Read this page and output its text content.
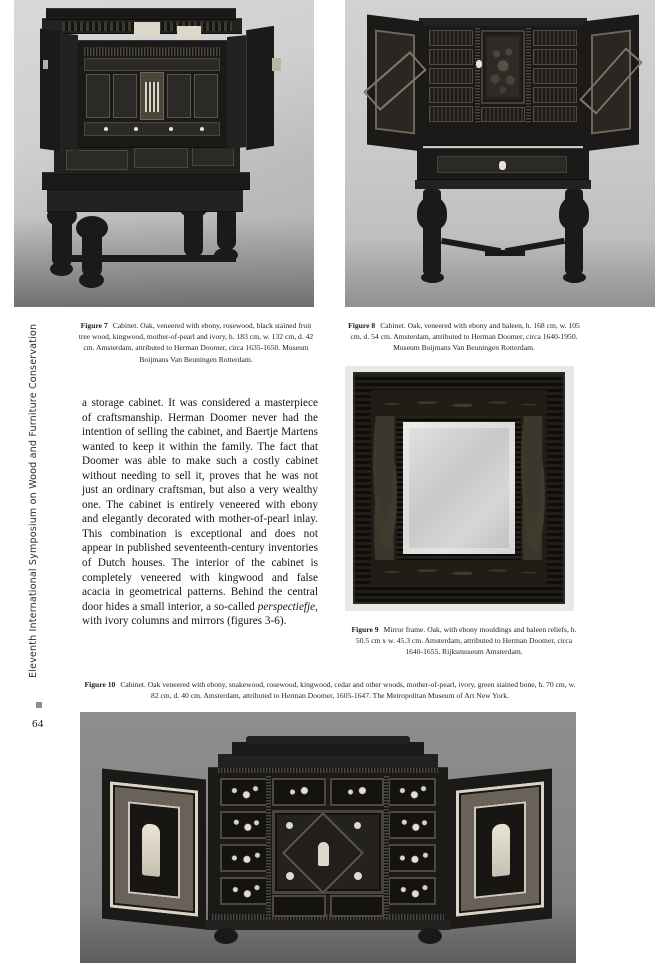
Eleventh International Symposium on Wood and Furniture Conservation
64
Figure 7 Cabinet. Oak, veneered with ebony, rosewood, black stained fruit tree wood, kingwood, mother-of-pearl and ivory, h. 183 cm, w. 132 cm, d. 42 cm. Amsterdam, attributed to Herman Doomer, circa 1635-1650. Museum Boijmans Van Beuningen Rotterdam.
Figure 8 Cabinet. Oak, veneered with ebony and baleen, h. 168 cm, w. 105 cm, d. 54 cm. Amsterdam, attributed to Herman Doomer, circa 1640-1950. Museum Boijmans Van Beuningen Rotterdam.
a storage cabinet. It was considered a masterpiece of craftsmanship. Herman Doomer never had the intention of selling the cabinet, and Baertje Martens wanted to keep it within the family. The fact that Doomer was able to make such a costly cabinet without needing to sell it, proves that he was not just an ordinary craftsman, but also a very wealthy one. The cabinet is entirely veneered with ebony and elegantly decorated with mother-of-pearl inlay. This combination is exceptional and does not appear in published seventeenth-century inventories of Dutch houses. The interior of the cabinet is completely veneered with kingwood and false acacia in geometrical patterns. Behind the central door hides a small interior, a so-called perspectiefje, with ivory columns and mirrors (figures 3-6).
Figure 9 Mirror frame. Oak, with ebony mouldings and baleen reliefs, h. 50.5 cm x w. 45.3 cm. Amsterdam, attributed to Herman Doomer, circa 1640-1655. Rijksmuseum Amsterdam.
Figure 10 Cabinet. Oak veneered with ebony, snakewood, rosewood, kingwood, cedar and other woods, mother-of-pearl, ivory, green stained bone, h. 70 cm, w. 82 cm, d. 40 cm. Amsterdam, attributed to Herman Doomer, 1605-1647. The Metropolitan Museum of Art New York.
